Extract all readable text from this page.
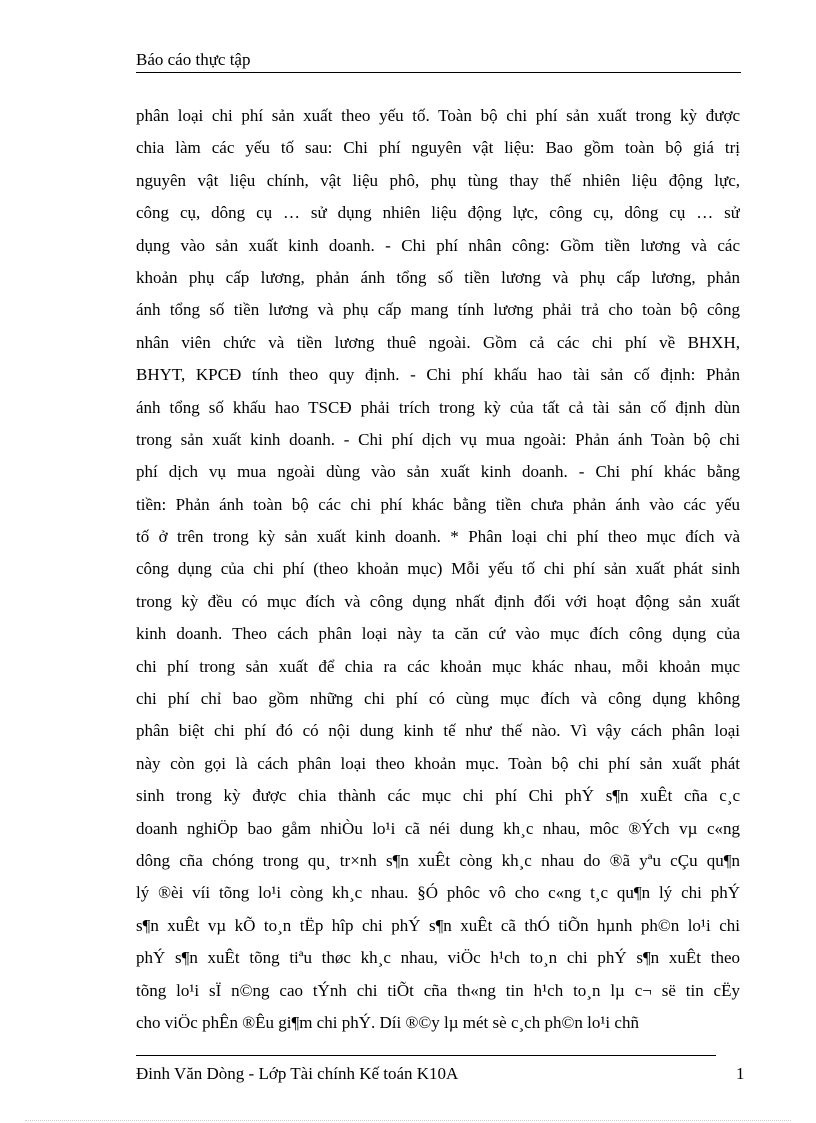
Báo cáo thực tập
phân loại chi phí sản xuất theo yếu tố. Toàn bộ chi phí sản xuất trong kỳ được
chia làm các yếu tố sau: Chi phí nguyên vật liệu: Bao gồm toàn bộ giá trị
nguyên vật liệu chính, vật liệu phô, phụ tùng thay thế nhiên liệu động lực,
công cụ, dông cụ … sử dụng nhiên liệu động lực, công cụ, dông cụ … sử
dụng vào sản xuất kinh doanh. - Chi phí nhân công: Gồm tiền lương và các
khoản phụ cấp lương, phản ánh tổng số tiền lương và phụ cấp lương, phản
ánh tổng số tiền lương và phụ cấp mang tính lương phải trả cho toàn bộ công
nhân viên chức và tiền lương thuê ngoài. Gồm cả các chi phí về BHXH,
BHYT, KPCĐ tính theo quy định. - Chi phí khấu hao tài sản cố định: Phản
ánh tổng số khấu hao TSCĐ phải trích trong kỳ của tất cả tài sản cố định dùn
trong sản xuất kinh doanh. - Chi phí dịch vụ mua ngoài: Phản ánh Toàn bộ chi
phí dịch vụ mua ngoài dùng vào sản xuất kinh doanh. - Chi phí khác bằng
tiền: Phản ánh toàn bộ các chi phí khác bằng tiền chưa phản ánh vào các yếu
tố ở trên trong kỳ sản xuất kinh doanh. * Phân loại chi phí theo mục đích và
công dụng của chi phí (theo khoản mục) Mỗi yếu tố chi phí sản xuất phát sinh
trong kỳ đều có mục đích và công dụng nhất định đối với hoạt động sản xuất
kinh doanh. Theo cách phân loại này ta căn cứ vào mục đích công dụng của
chi phí trong sản xuất để chia ra các khoản mục khác nhau, mỗi khoản mục
chi phí chỉ bao gồm những chi phí có cùng mục đích và công dụng không
phân biệt chi phí đó có nội dung kinh tế như thế nào. Vì vậy cách phân loại
này còn gọi là cách phân loại theo khoản mục. Toàn bộ chi phí sản xuất phát
sinh trong kỳ được chia thành các mục chi phí Chi phÝ s¶n xuÊt cña c¸c
doanh nghiÖp bao gåm nhiÒu lo¹i cã néi dung kh¸c nhau, môc ®Ých vµ c«ng
dông cña chóng trong qu¸ tr×nh s¶n xuÊt còng kh¸c nhau do ®ã yªu cÇu qu¶n
lý ®èi víi tõng lo¹i còng kh¸c nhau. §Ó phôc vô cho c«ng t¸c qu¶n lý chi phÝ
s¶n xuÊt vµ kÕ to¸n tËp hîp chi phÝ s¶n xuÊt cã thÓ tiÕn hµnh ph©n lo¹i chi
phÝ s¶n xuÊt tõng tiªu thøc kh¸c nhau, viÖc h¹ch to¸n chi phÝ s¶n xuÊt theo
tõng lo¹i sÏ n©ng cao tÝnh chi tiÕt cña th«ng tin h¹ch to¸n lµ c¬ së tin cËy
cho viÖc phÊn ®Êu gi¶m chi phÝ. Díi ®©y lµ mét sè c¸ch ph©n lo¹i chñ
Đinh Văn Dòng - Lớp Tài chính Kế toán K10A	1
